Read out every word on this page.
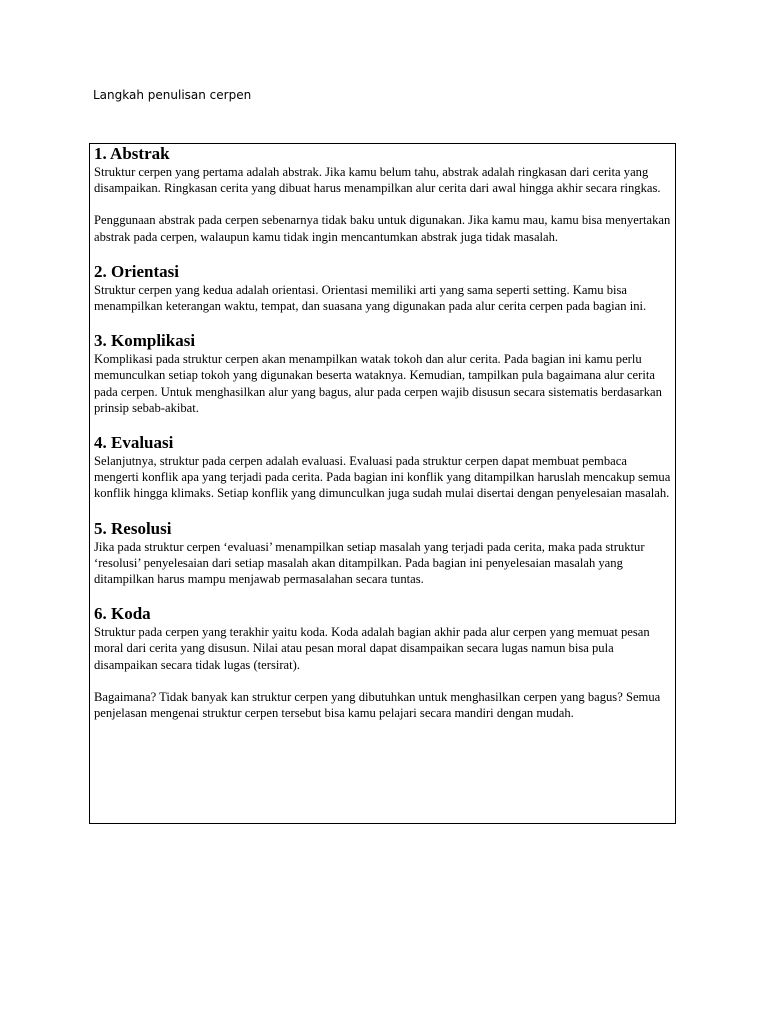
Langkah penulisan cerpen
1. Abstrak

Struktur cerpen yang pertama adalah abstrak. Jika kamu belum tahu, abstrak adalah ringkasan dari cerita yang disampaikan. Ringkasan cerita yang dibuat harus menampilkan alur cerita dari awal hingga akhir secara ringkas.

Penggunaan abstrak pada cerpen sebenarnya tidak baku untuk digunakan. Jika kamu mau, kamu bisa menyertakan abstrak pada cerpen, walaupun kamu tidak ingin mencantumkan abstrak juga tidak masalah.

2. Orientasi

Struktur cerpen yang kedua adalah orientasi. Orientasi memiliki arti yang sama seperti setting. Kamu bisa menampilkan keterangan waktu, tempat, dan suasana yang digunakan pada alur cerita cerpen pada bagian ini.

3. Komplikasi

Komplikasi pada struktur cerpen akan menampilkan watak tokoh dan alur cerita. Pada bagian ini kamu perlu memunculkan setiap tokoh yang digunakan beserta wataknya. Kemudian, tampilkan pula bagaimana alur cerita pada cerpen. Untuk menghasilkan alur yang bagus, alur pada cerpen wajib disusun secara sistematis berdasarkan prinsip sebab-akibat.

4. Evaluasi

Selanjutnya, struktur pada cerpen adalah evaluasi. Evaluasi pada struktur cerpen dapat membuat pembaca mengerti konflik apa yang terjadi pada cerita. Pada bagian ini konflik yang ditampilkan haruslah mencakup semua konflik hingga klimaks. Setiap konflik yang dimunculkan juga sudah mulai disertai dengan penyelesaian masalah.

5. Resolusi

Jika pada struktur cerpen ‘evaluasi’ menampilkan setiap masalah yang terjadi pada cerita, maka pada struktur ‘resolusi’ penyelesaian dari setiap masalah akan ditampilkan. Pada bagian ini penyelesaian masalah yang ditampilkan harus mampu menjawab permasalahan secara tuntas.

6. Koda

Struktur pada cerpen yang terakhir yaitu koda. Koda adalah bagian akhir pada alur cerpen yang memuat pesan moral dari cerita yang disusun. Nilai atau pesan moral dapat disampaikan secara lugas namun bisa pula disampaikan secara tidak lugas (tersirat).

Bagaimana? Tidak banyak kan struktur cerpen yang dibutuhkan untuk menghasilkan cerpen yang bagus? Semua penjelasan mengenai struktur cerpen tersebut bisa kamu pelajari secara mandiri dengan mudah.
